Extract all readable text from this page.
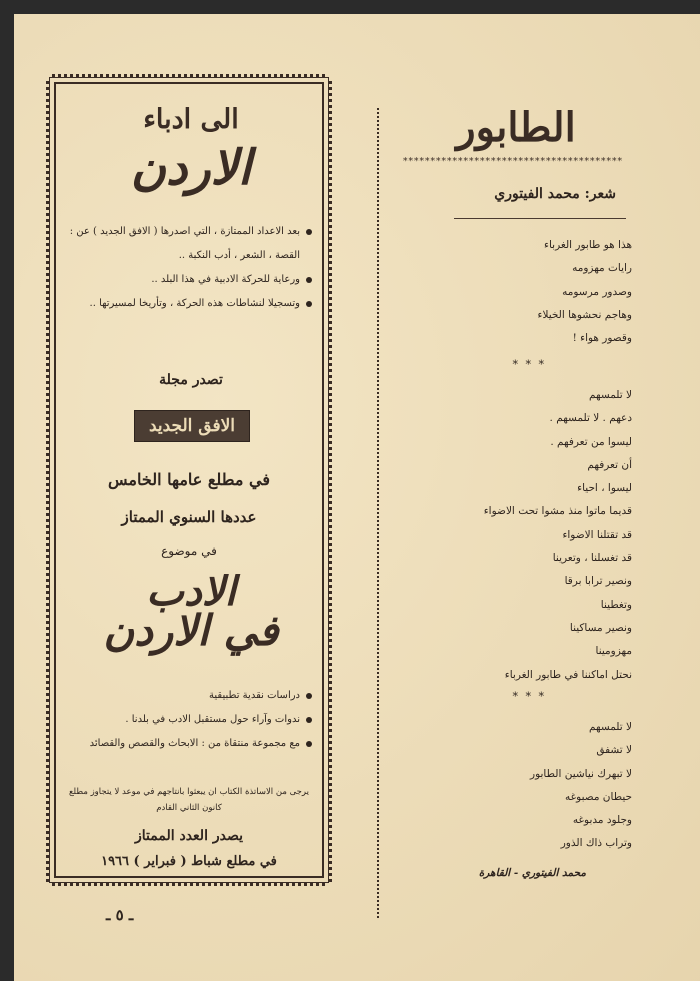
الطابور
****************************************
شعر: محمد الفيتوري
هذا هو طابور الغرباء
رايات مهزومه
وصدور مرسومه
وهاجم نحشوها الخيلاء
وقصور هواء !
* * *
لا تلمسهم
دعهم . لا تلمسهم .
ليسوا من تعرفهم .
أن تعرفهم
ليسوا ، احياء
قديما ماتوا منذ مشوا تحت الاضواء
قد تقتلنا الاضواء
قد تغسلنا ، وتعرينا
ونصير ترابا برقا
وتغطينا
ونصير مساكينا
مهزومينا
نحتل اماكننا في طابور الغرباء
* * *
لا تلمسهم
لا تشفق
لا تبهرك نياشين الطابور
حيطان مصبوغه
وجلود مدبوغه
وتراب ذاك الذور
محمد الفيتوري - القاهرة
الى ادباء
الاردن
بعد الاعداد الممتازة ، التي اصدرها ( الافق الجديد ) عن : القصة ، الشعر ، أدب النكبة ..
ورعاية للحركة الادبية في هذا البلد ..
وتسجيلا لنشاطات هذه الحركة ، وتأريخا لمسيرتها ..
تصدر مجلة
الافق الجديد
في مطلع عامها الخامس
عددها السنوي الممتاز
في موضوع
الادب
في الاردن
دراسات نقدية تطبيقية
ندوات وآراء حول مستقبل الادب في بلدنا .
مع مجموعة منتقاة من : الابحاث والقصص والقصائد
يرجى من الاساتذة الكتاب ان يبعثوا بانتاجهم في موعد لا يتجاوز مطلع كانون الثاني القادم
يصدر العدد الممتاز
في مطلع شباط ( فبراير ) ١٩٦٦
ـ ٥ ـ
